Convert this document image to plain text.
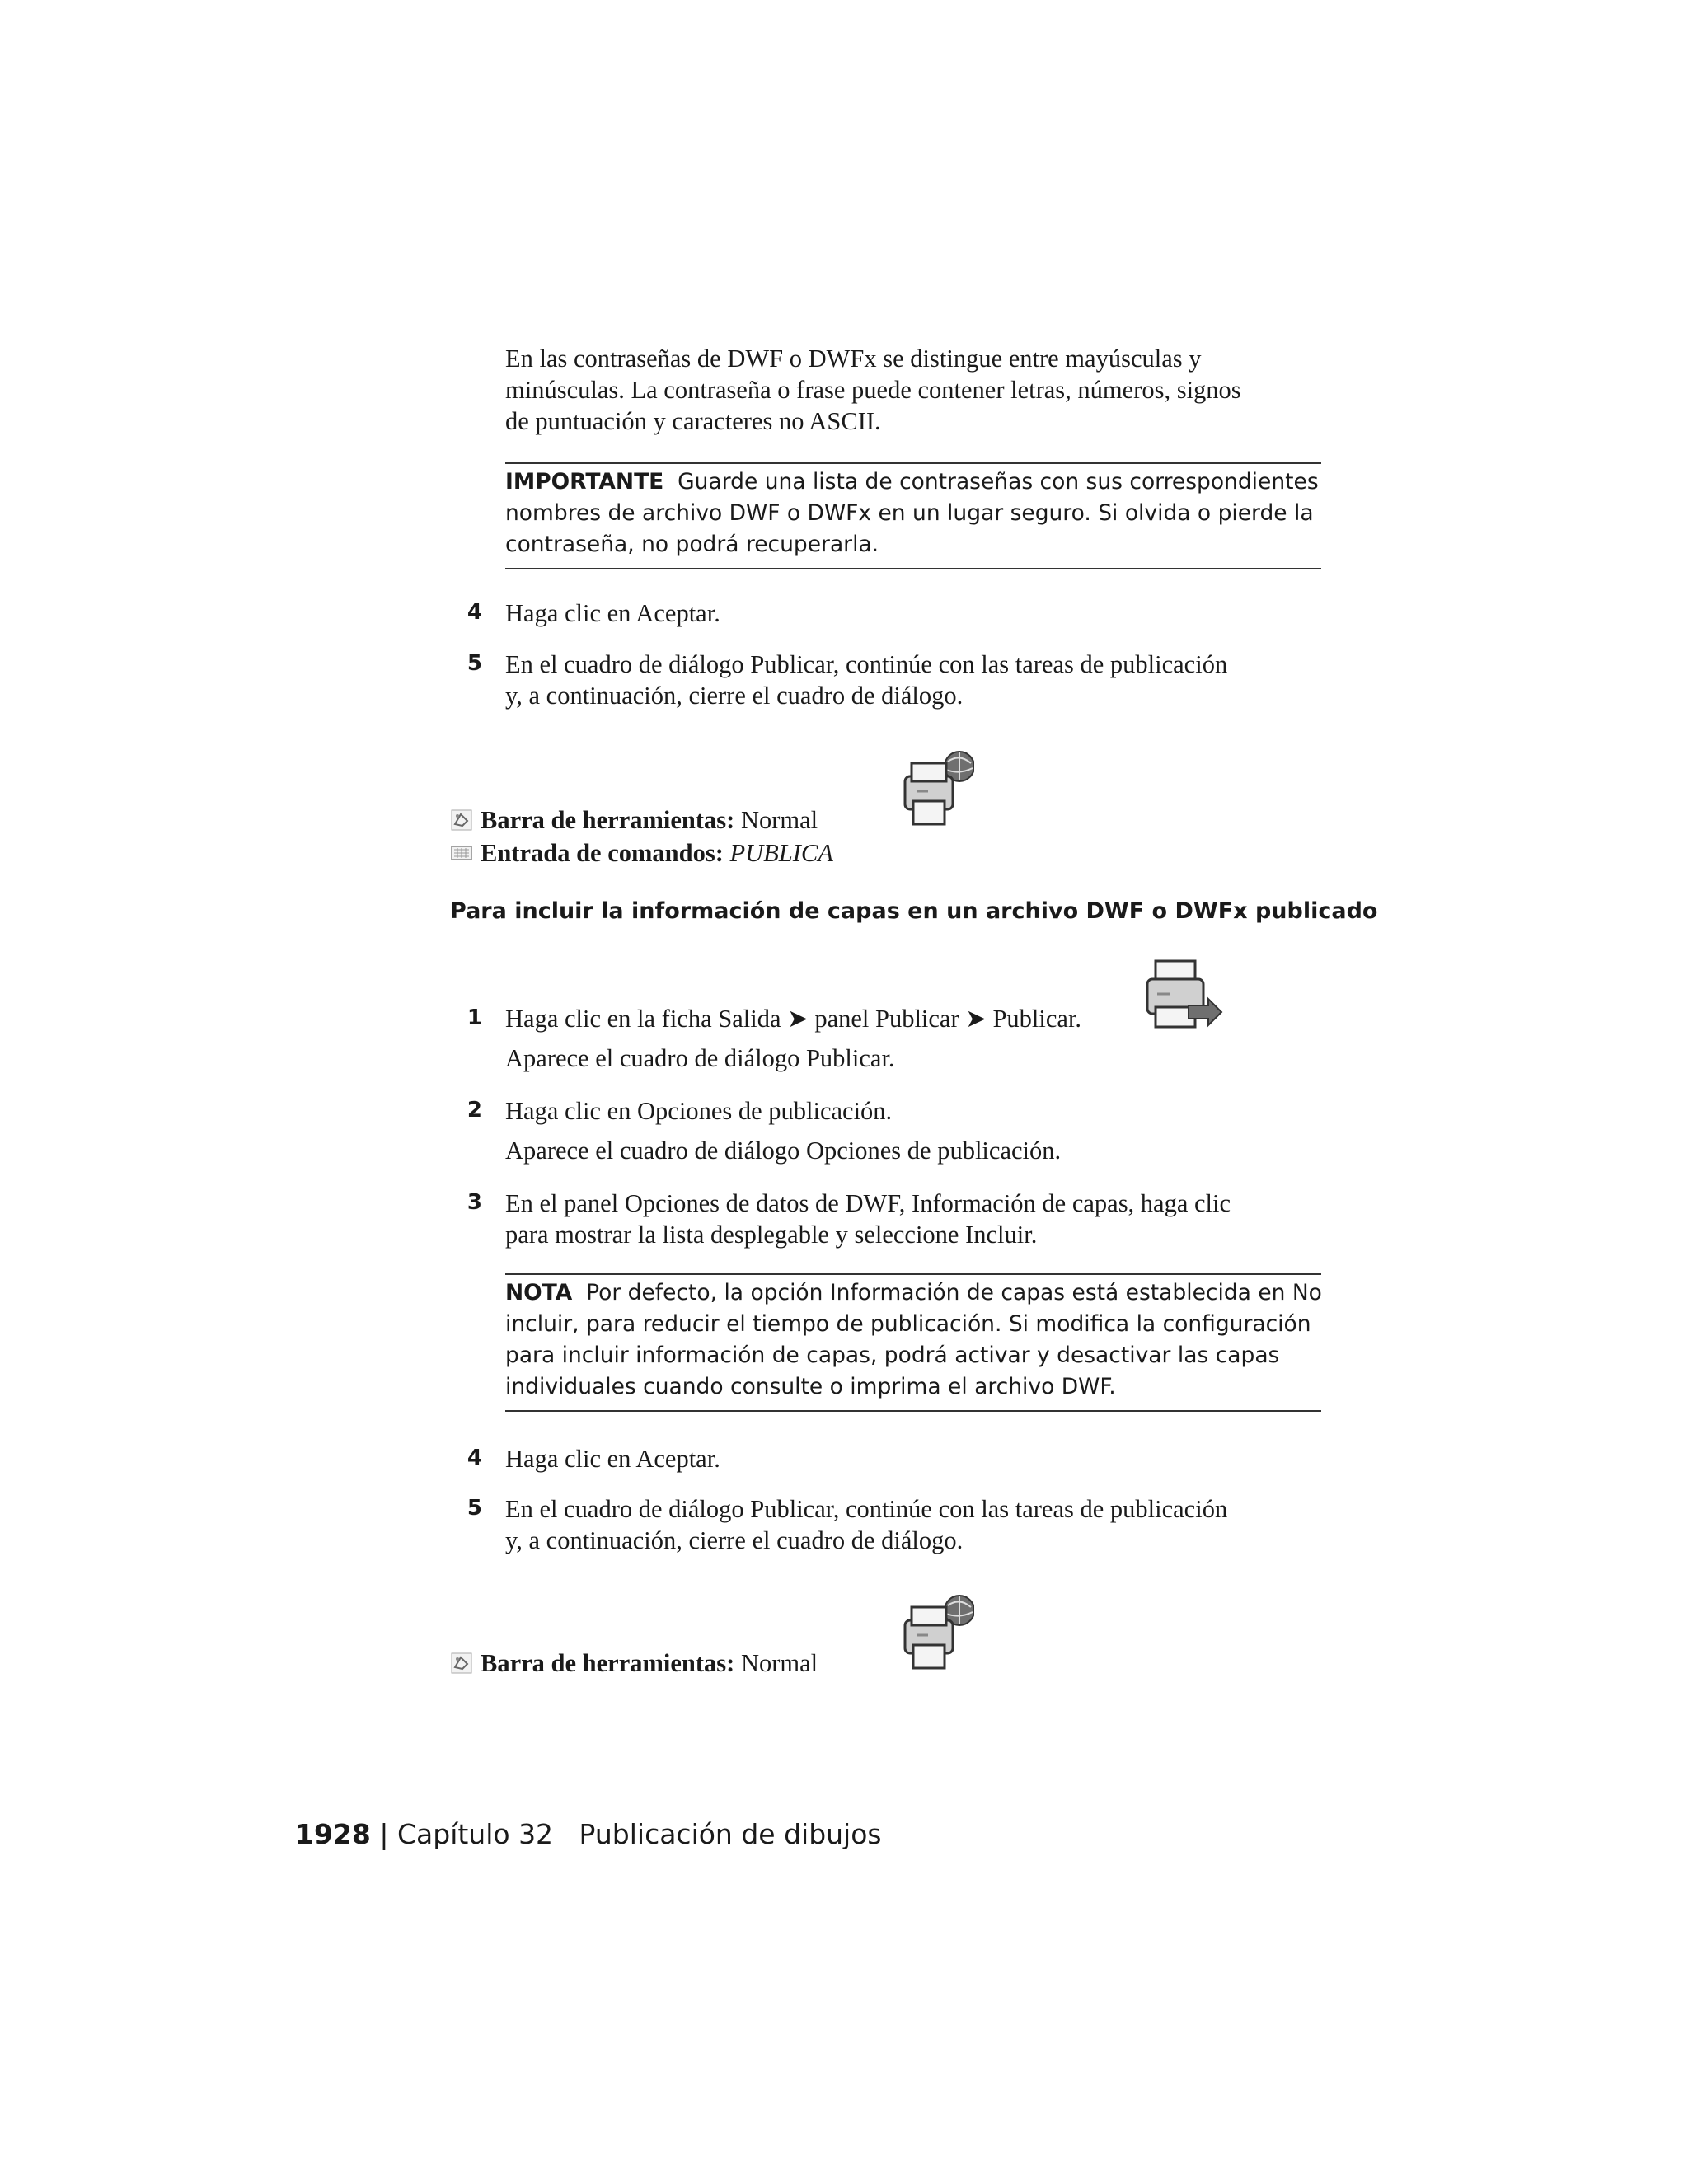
En las contraseñas de DWF o DWFx se distingue entre mayúsculas y
minúsculas. La contraseña o frase puede contener letras, números, signos
de puntuación y caracteres no ASCII.
IMPORTANTE Guarde una lista de contraseñas con sus correspondientes
nombres de archivo DWF o DWFx en un lugar seguro. Si olvida o pierde la
contraseña, no podrá recuperarla.
4 Haga clic en Aceptar.
5 En el cuadro de diálogo Publicar, continúe con las tareas de publicación
y, a continuación, cierre el cuadro de diálogo.
Barra de herramientas: Normal
Entrada de comandos: PUBLICA
Para incluir la información de capas en un archivo DWF o DWFx publicado
1 Haga clic en la ficha Salida ➤ panel Publicar ➤ Publicar.
Aparece el cuadro de diálogo Publicar.
2 Haga clic en Opciones de publicación.
Aparece el cuadro de diálogo Opciones de publicación.
3 En el panel Opciones de datos de DWF, Información de capas, haga clic
para mostrar la lista desplegable y seleccione Incluir.
NOTA Por defecto, la opción Información de capas está establecida en No
incluir, para reducir el tiempo de publicación. Si modifica la configuración
para incluir información de capas, podrá activar y desactivar las capas
individuales cuando consulte o imprima el archivo DWF.
4 Haga clic en Aceptar.
5 En el cuadro de diálogo Publicar, continúe con las tareas de publicación
y, a continuación, cierre el cuadro de diálogo.
Barra de herramientas: Normal
1928 | Capítulo 32 Publicación de dibujos
